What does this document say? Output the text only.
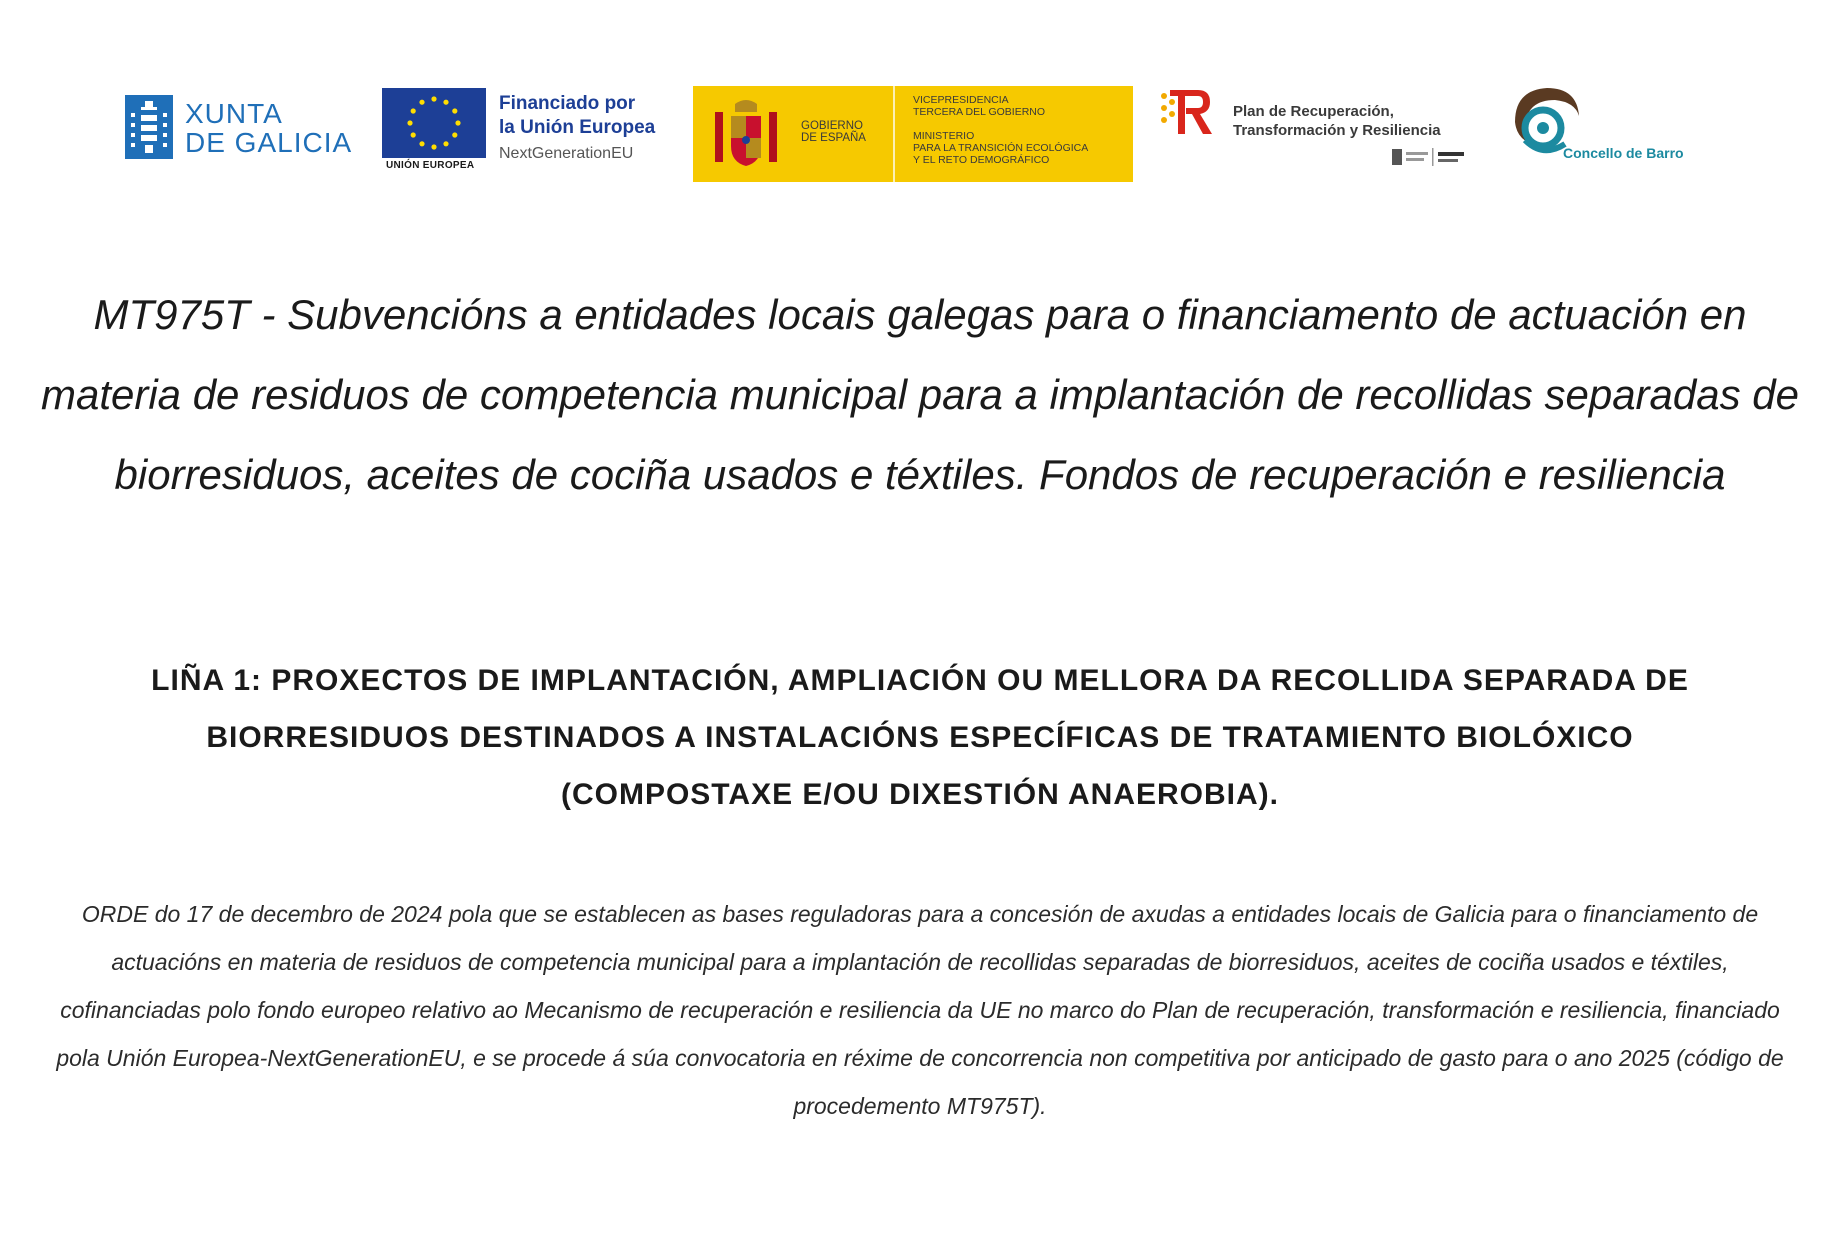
XUNTA
DE GALICIA
UNIÓN EUROPEA
Financiado por
la Unión Europea
NextGenerationEU
GOBIERNO
DE ESPAÑA
VICEPRESIDENCIA
TERCERA DEL GOBIERNO
MINISTERIO
PARA LA TRANSICIÓN ECOLÓGICA
Y EL RETO DEMOGRÁFICO
Plan de Recuperación,
Transformación y Resiliencia
Concello de Barro
MT975T - Subvencións a entidades locais galegas para o financiamento de actuación en materia de residuos de competencia municipal para a implantación de recollidas separadas de biorresiduos, aceites de cociña usados e téxtiles. Fondos de recuperación e resiliencia
LIÑA 1: PROXECTOS DE IMPLANTACIÓN, AMPLIACIÓN OU MELLORA DA RECOLLIDA SEPARADA DE BIORRESIDUOS DESTINADOS A INSTALACIÓNS ESPECÍFICAS DE TRATAMIENTO BIOLÓXICO (COMPOSTAXE E/OU DIXESTIÓN ANAEROBIA).
ORDE do 17 de decembro de 2024 pola que se establecen as bases reguladoras para a concesión de axudas a entidades locais de Galicia para o financiamento de actuacións en materia de residuos de competencia municipal para a implantación de recollidas separadas de biorresiduos, aceites de cociña usados e téxtiles, cofinanciadas polo fondo europeo relativo ao Mecanismo de recuperación e resiliencia da UE no marco do Plan de recuperación, transformación e resiliencia, financiado pola Unión Europea-NextGenerationEU, e se procede á súa convocatoria en réxime de concorrencia non competitiva por anticipado de gasto para o ano 2025 (código de procedemento MT975T).
